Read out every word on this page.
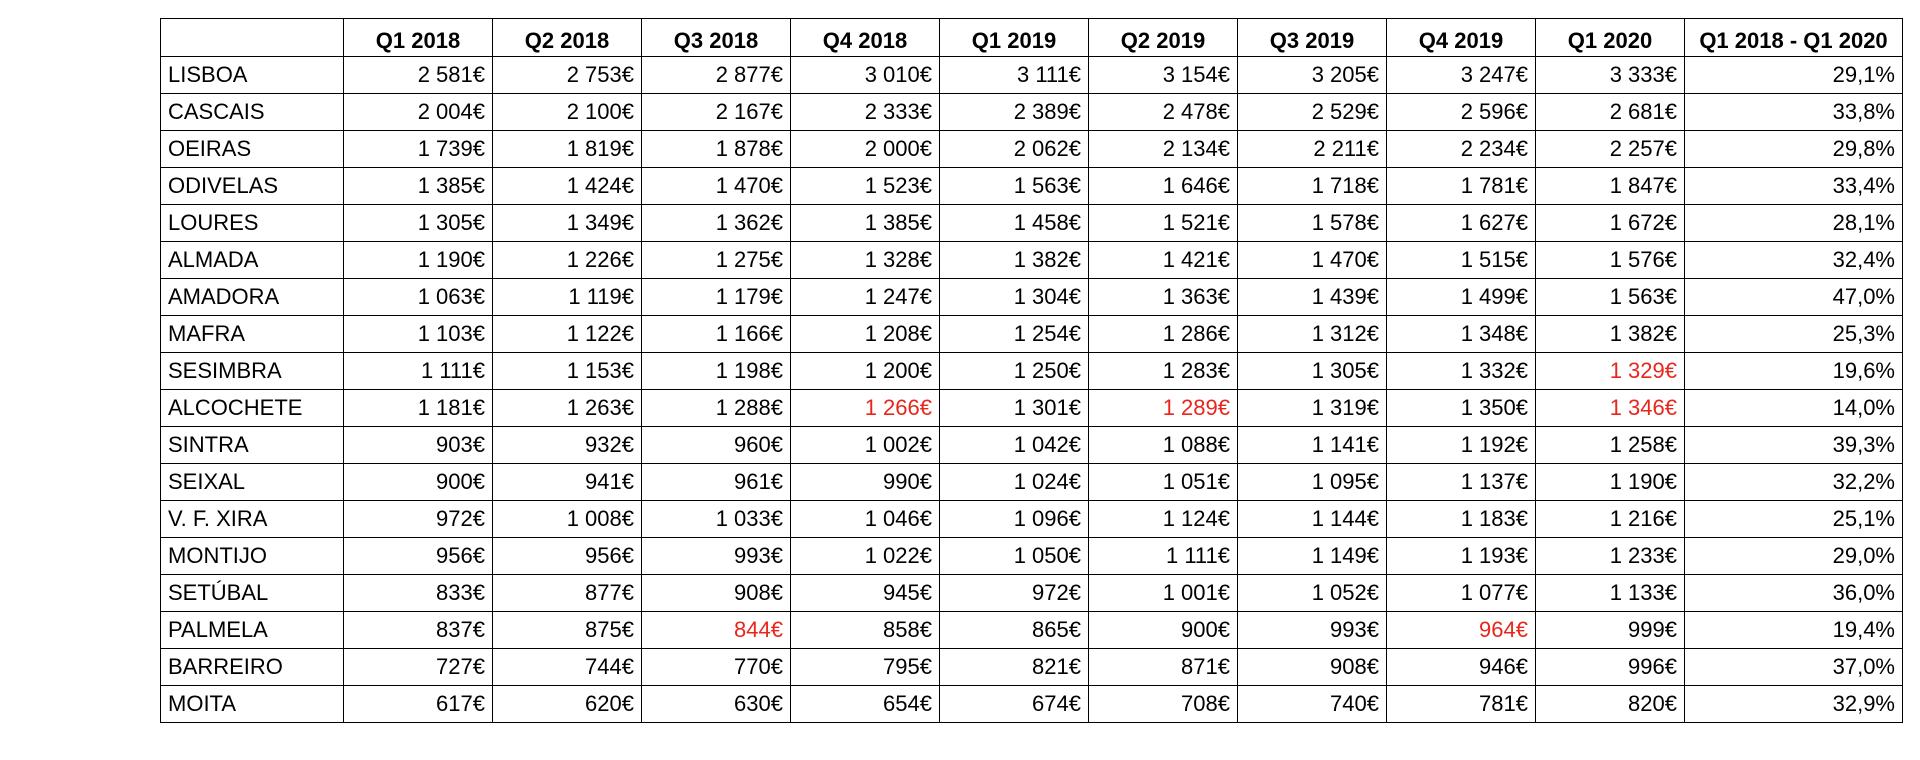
	Q1 2018	Q2 2018	Q3 2018	Q4 2018	Q1 2019	Q2 2019	Q3 2019	Q4 2019	Q1 2020	Q1 2018 - Q1 2020
LISBOA	2 581€	2 753€	2 877€	3 010€	3 111€	3 154€	3 205€	3 247€	3 333€	29,1%
CASCAIS	2 004€	2 100€	2 167€	2 333€	2 389€	2 478€	2 529€	2 596€	2 681€	33,8%
OEIRAS	1 739€	1 819€	1 878€	2 000€	2 062€	2 134€	2 211€	2 234€	2 257€	29,8%
ODIVELAS	1 385€	1 424€	1 470€	1 523€	1 563€	1 646€	1 718€	1 781€	1 847€	33,4%
LOURES	1 305€	1 349€	1 362€	1 385€	1 458€	1 521€	1 578€	1 627€	1 672€	28,1%
ALMADA	1 190€	1 226€	1 275€	1 328€	1 382€	1 421€	1 470€	1 515€	1 576€	32,4%
AMADORA	1 063€	1 119€	1 179€	1 247€	1 304€	1 363€	1 439€	1 499€	1 563€	47,0%
MAFRA	1 103€	1 122€	1 166€	1 208€	1 254€	1 286€	1 312€	1 348€	1 382€	25,3%
SESIMBRA	1 111€	1 153€	1 198€	1 200€	1 250€	1 283€	1 305€	1 332€	1 329€	19,6%
ALCOCHETE	1 181€	1 263€	1 288€	1 266€	1 301€	1 289€	1 319€	1 350€	1 346€	14,0%
SINTRA	903€	932€	960€	1 002€	1 042€	1 088€	1 141€	1 192€	1 258€	39,3%
SEIXAL	900€	941€	961€	990€	1 024€	1 051€	1 095€	1 137€	1 190€	32,2%
V. F. XIRA	972€	1 008€	1 033€	1 046€	1 096€	1 124€	1 144€	1 183€	1 216€	25,1%
MONTIJO	956€	956€	993€	1 022€	1 050€	1 111€	1 149€	1 193€	1 233€	29,0%
SETÚBAL	833€	877€	908€	945€	972€	1 001€	1 052€	1 077€	1 133€	36,0%
PALMELA	837€	875€	844€	858€	865€	900€	993€	964€	999€	19,4%
BARREIRO	727€	744€	770€	795€	821€	871€	908€	946€	996€	37,0%
MOITA	617€	620€	630€	654€	674€	708€	740€	781€	820€	32,9%
